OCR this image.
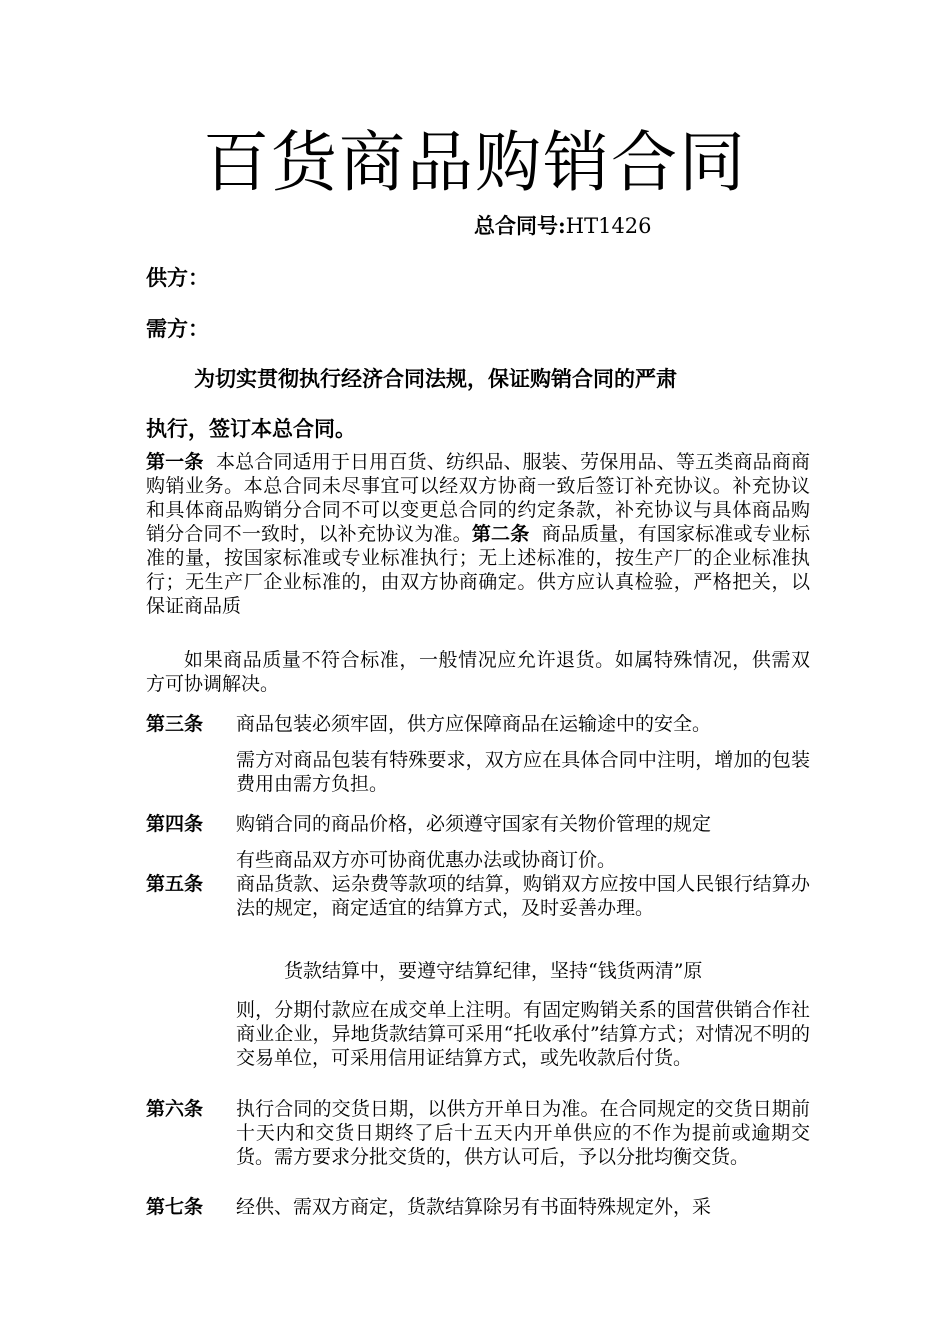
百货商品购销合同
总合同号:HT1426
供方：
需方：
为切实贯彻执行经济合同法规，保证购销合同的严肃
执行，签订本总合同。
第一条 本总合同适用于日用百货、纺织品、服装、劳保用品、等五类商品商商购销业务。本总合同未尽事宜可以经双方协商一致后签订补充协议。补充协议和具体商品购销分合同不可以变更总合同的约定条款，补充协议与具体商品购销分合同不一致时，以补充协议为准。第二条 商品质量，有国家标准或专业标准的量，按国家标准或专业标准执行；无上述标准的，按生产厂的企业标准执行；无生产厂企业标准的，由双方协商确定。供方应认真检验，严格把关，以保证商品质
如果商品质量不符合标准，一般情况应允许退货。如属特殊情况，供需双方可协调解决。
第三条 商品包装必须牢固，供方应保障商品在运输途中的安全。
需方对商品包装有特殊要求，双方应在具体合同中注明，增加的包装费用由需方负担。
第四条 购销合同的商品价格，必须遵守国家有关物价管理的规定
有些商品双方亦可协商优惠办法或协商订价。
第五条 商品货款、运杂费等款项的结算，购销双方应按中国人民银行结算办法的规定，商定适宜的结算方式，及时妥善办理。
货款结算中，要遵守结算纪律，坚持“钱货两清”原
则，分期付款应在成交单上注明。有固定购销关系的国营供销合作社商业企业，异地货款结算可采用“托收承付”结算方式；对情况不明的交易单位，可采用信用证结算方式，或先收款后付货。
第六条 执行合同的交货日期，以供方开单日为准。在合同规定的交货日期前十天内和交货日期终了后十五天内开单供应的不作为提前或逾期交货。需方要求分批交货的，供方认可后，予以分批均衡交货。
第七条 经供、需双方商定，货款结算除另有书面特殊规定外，采
